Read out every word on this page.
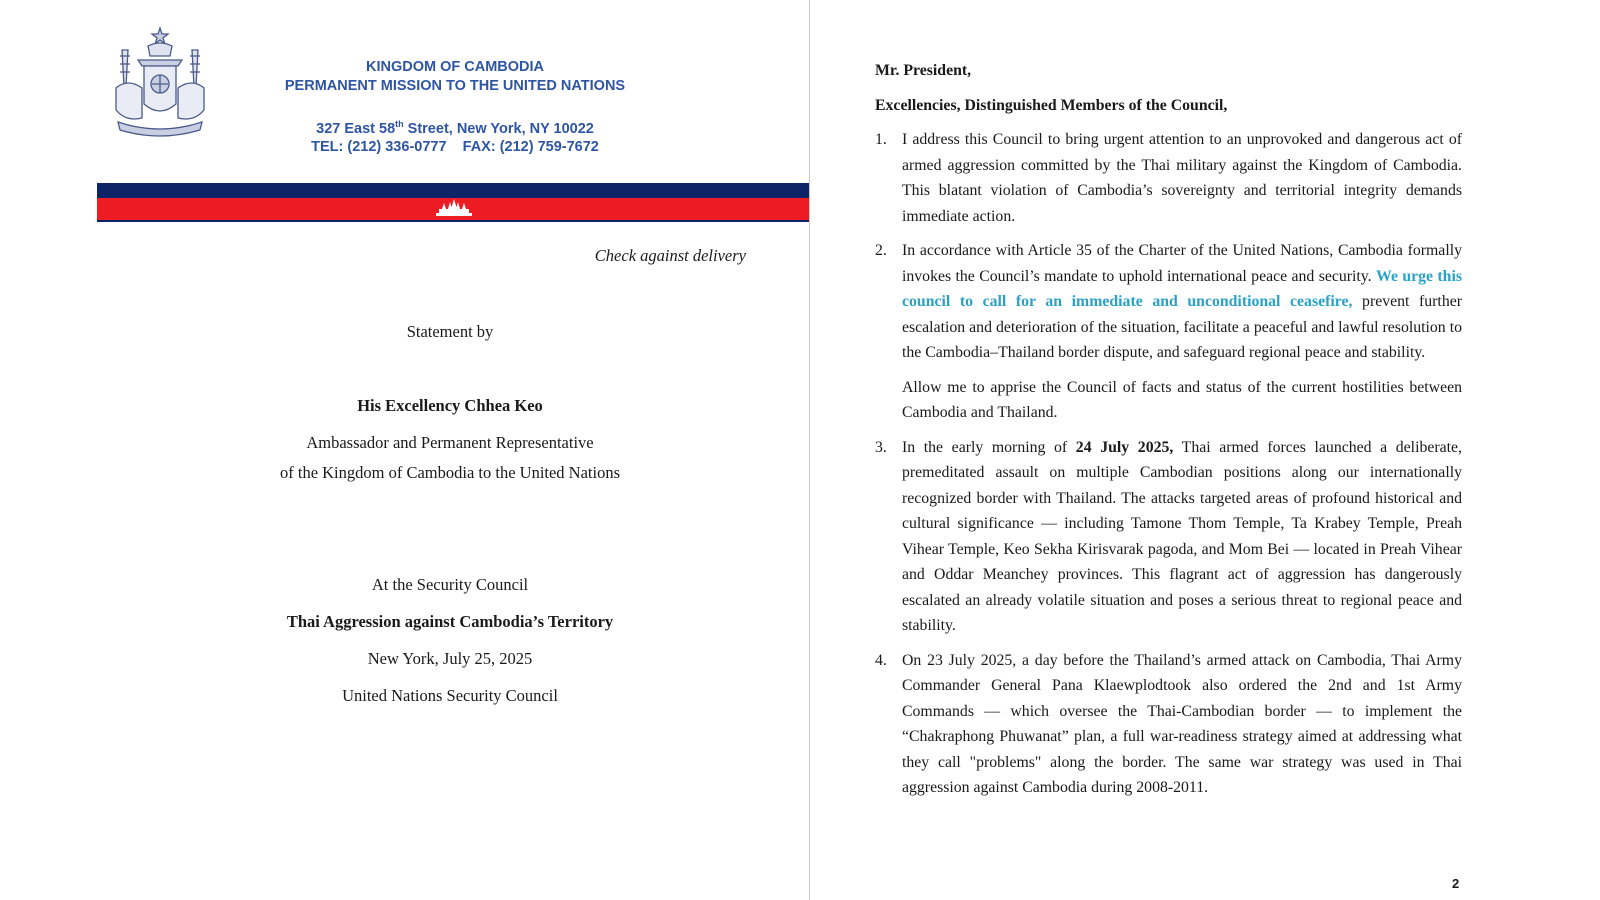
KINGDOM OF CAMBODIA
PERMANENT MISSION TO THE UNITED NATIONS
327 East 58th Street, New York, NY 10022
TEL: (212) 336-0777    FAX: (212) 759-7672
Check against delivery
Statement by
His Excellency Chhea Keo
Ambassador and Permanent Representative
of the Kingdom of Cambodia to the United Nations
At the Security Council
Thai Aggression against Cambodia’s Territory
New York, July 25, 2025
United Nations Security Council

Mr. President,

Excellencies, Distinguished Members of the Council,

1. I address this Council to bring urgent attention to an unprovoked and dangerous act of armed aggression committed by the Thai military against the Kingdom of Cambodia. This blatant violation of Cambodia’s sovereignty and territorial integrity demands immediate action.
2. In accordance with Article 35 of the Charter of the United Nations, Cambodia formally invokes the Council’s mandate to uphold international peace and security. We urge this council to call for an immediate and unconditional ceasefire, prevent further escalation and deterioration of the situation, facilitate a peaceful and lawful resolution to the Cambodia–Thailand border dispute, and safeguard regional peace and stability.

Allow me to apprise the Council of facts and status of the current hostilities between Cambodia and Thailand.

3. In the early morning of 24 July 2025, Thai armed forces launched a deliberate, premeditated assault on multiple Cambodian positions along our internationally recognized border with Thailand. The attacks targeted areas of profound historical and cultural significance — including Tamone Thom Temple, Ta Krabey Temple, Preah Vihear Temple, Keo Sekha Kirisvarak pagoda, and Mom Bei — located in Preah Vihear and Oddar Meanchey provinces. This flagrant act of aggression has dangerously escalated an already volatile situation and poses a serious threat to regional peace and stability.
4. On 23 July 2025, a day before the Thailand’s armed attack on Cambodia, Thai Army Commander General Pana Klaewplodtook also ordered the 2nd and 1st Army Commands — which oversee the Thai-Cambodian border — to implement the “Chakraphong Phuwanat” plan, a full war-readiness strategy aimed at addressing what they call "problems" along the border. The same war strategy was used in Thai aggression against Cambodia during 2008-2011.
2
